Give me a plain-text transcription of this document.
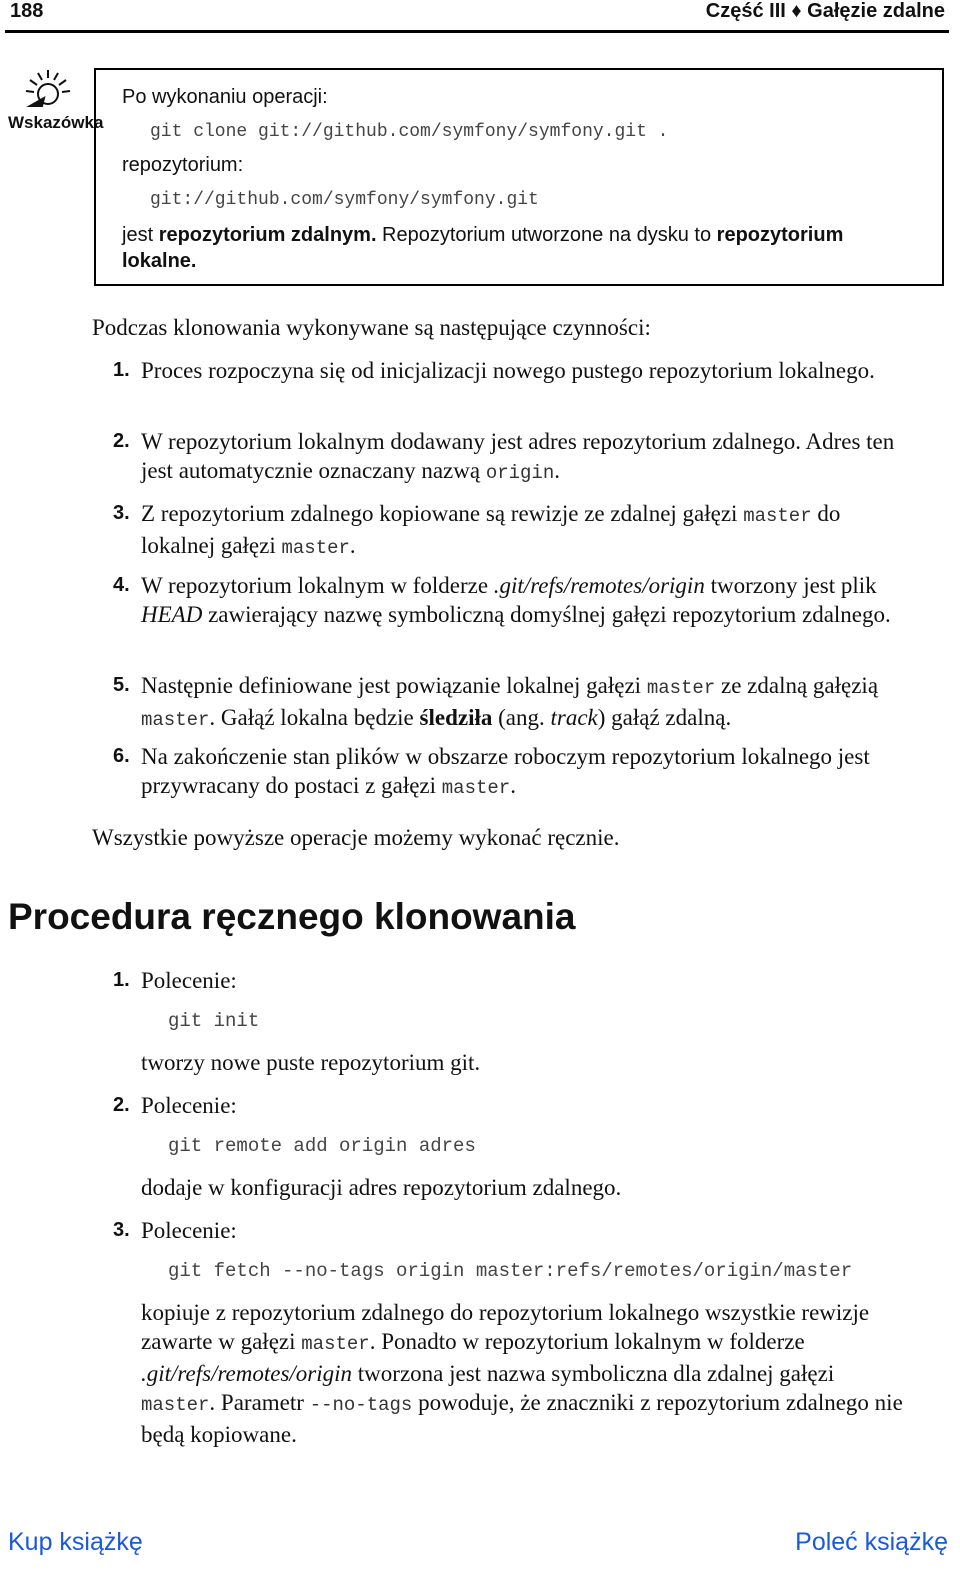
188	Część III ♦ Gałęzie zdalne
Wskazówka
Po wykonaniu operacji:
git clone git://github.com/symfony/symfony.git .
repozytorium:
git://github.com/symfony/symfony.git
jest repozytorium zdalnym. Repozytorium utworzone na dysku to repozytorium
lokalne.
Podczas klonowania wykonywane są następujące czynności:
1. Proces rozpoczyna się od inicjalizacji nowego pustego repozytorium lokalnego.
2. W repozytorium lokalnym dodawany jest adres repozytorium zdalnego. Adres ten jest automatycznie oznaczany nazwą origin.
3. Z repozytorium zdalnego kopiowane są rewizje ze zdalnej gałęzi master do lokalnej gałęzi master.
4. W repozytorium lokalnym w folderze .git/refs/remotes/origin tworzony jest plik HEAD zawierający nazwę symboliczną domyślnej gałęzi repozytorium zdalnego.
5. Następnie definiowane jest powiązanie lokalnej gałęzi master ze zdalną gałęzią master. Gałąź lokalna będzie śledziła (ang. track) gałąź zdalną.
6. Na zakończenie stan plików w obszarze roboczym repozytorium lokalnego jest przywracany do postaci z gałęzi master.
Wszystkie powyższe operacje możemy wykonać ręcznie.
Procedura ręcznego klonowania
1. Polecenie:
git init
tworzy nowe puste repozytorium git.
2. Polecenie:
git remote add origin adres
dodaje w konfiguracji adres repozytorium zdalnego.
3. Polecenie:
git fetch --no-tags origin master:refs/remotes/origin/master
kopiuje z repozytorium zdalnego do repozytorium lokalnego wszystkie rewizje zawarte w gałęzi master. Ponadto w repozytorium lokalnym w folderze .git/refs/remotes/origin tworzona jest nazwa symboliczna dla zdalnej gałęzi master. Parametr --no-tags powoduje, że znaczniki z repozytorium zdalnego nie będą kopiowane.
Kup książkę	Poleć książkę
